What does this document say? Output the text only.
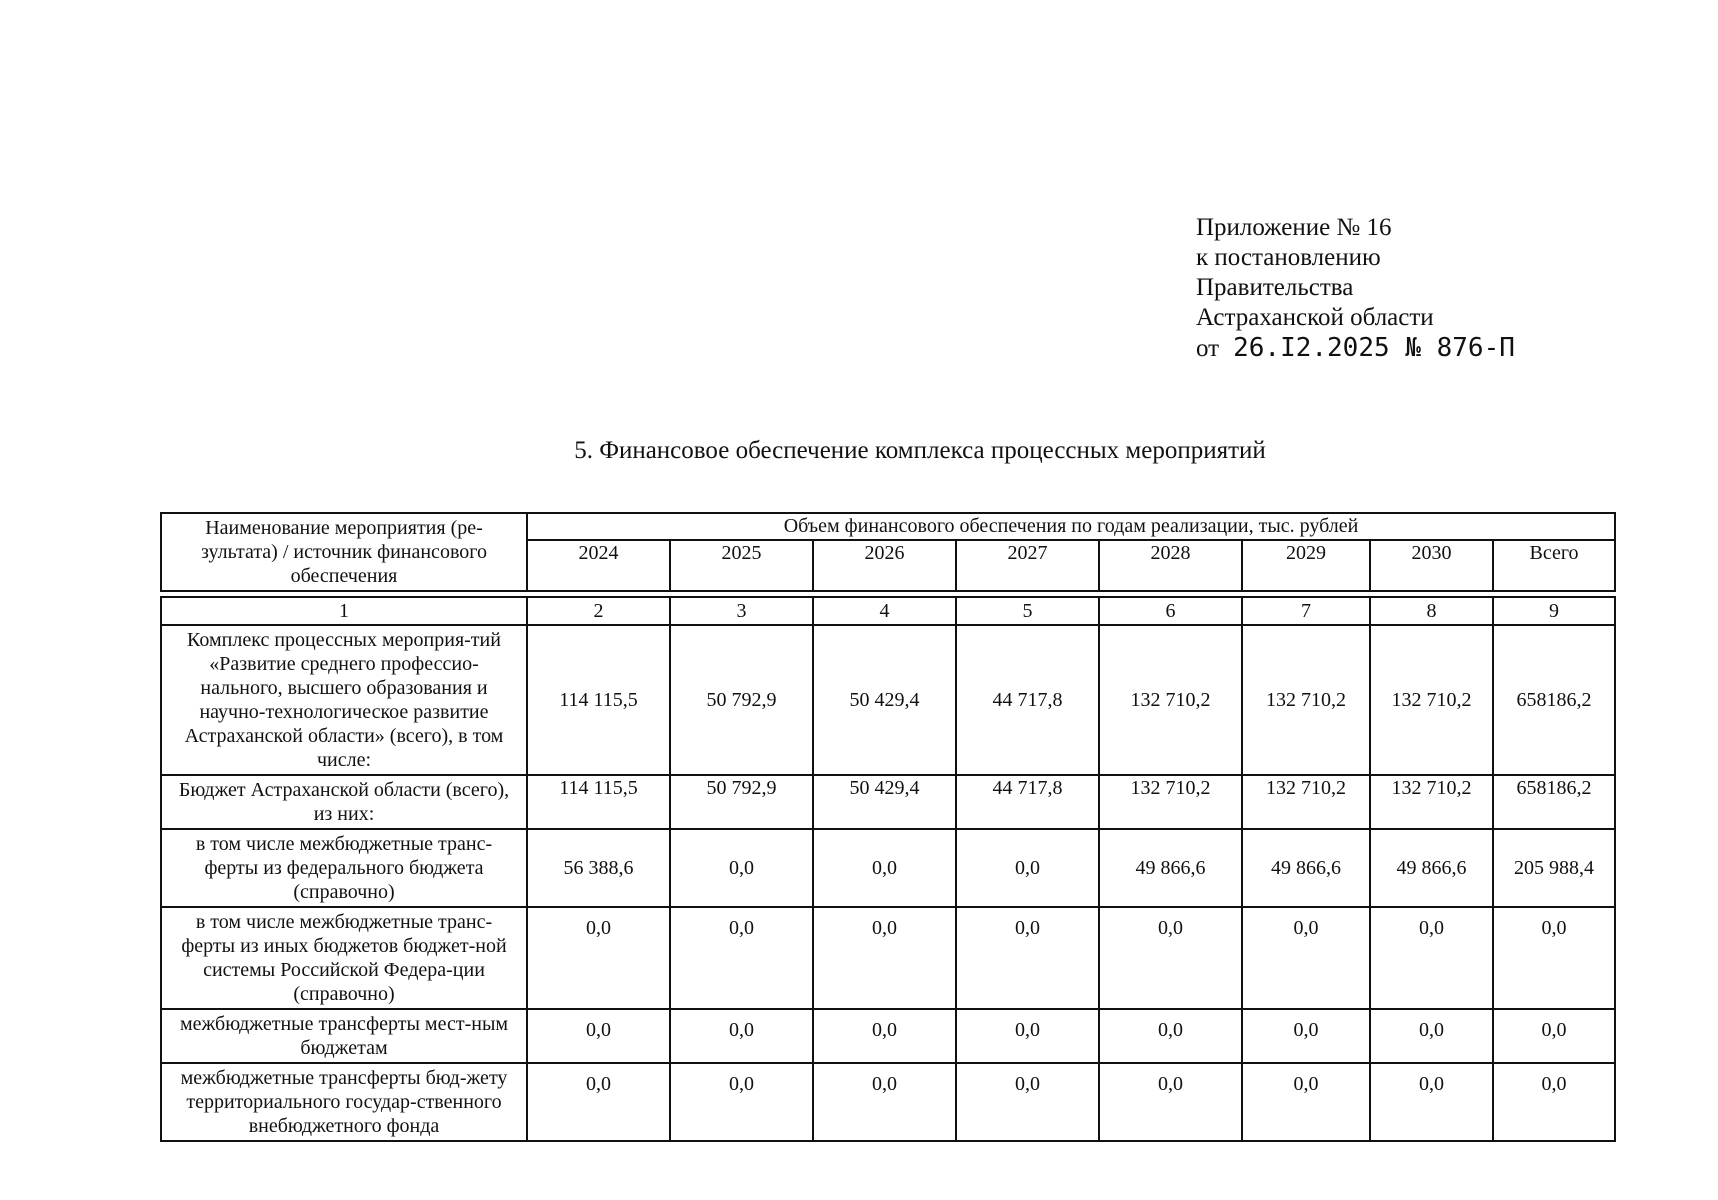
Приложение № 16
к постановлению
Правительства
Астраханской области
от 26.I2.2025 № 876-П
5. Финансовое обеспечение комплекса процессных мероприятий
Наименование мероприятия (ре-зультата) / источник финансового обеспечения	Объем финансового обеспечения по годам реализации, тыс. рублей							
	2024	2025	2026	2027	2028	2029	2030	Всего

1	2	3	4	5	6	7	8	9
Комплекс процессных мероприя-тий «Развитие среднего профессио-нального, высшего образования и научно-технологическое развитие Астраханской области» (всего), в том числе:	114 115,5	50 792,9	50 429,4	44 717,8	132 710,2	132 710,2	132 710,2	658186,2
Бюджет Астраханской области (всего), из них:	114 115,5	50 792,9	50 429,4	44 717,8	132 710,2	132 710,2	132 710,2	658186,2
в том числе межбюджетные транс-ферты из федерального бюджета (справочно)	56 388,6	0,0	0,0	0,0	49 866,6	49 866,6	49 866,6	205 988,4
в том числе межбюджетные транс-ферты из иных бюджетов бюджет-ной системы Российской Федера-ции (справочно)	0,0	0,0	0,0	0,0	0,0	0,0	0,0	0,0
межбюджетные трансферты мест-ным бюджетам	0,0	0,0	0,0	0,0	0,0	0,0	0,0	0,0
межбюджетные трансферты бюд-жету территориального государ-ственного внебюджетного фонда	0,0	0,0	0,0	0,0	0,0	0,0	0,0	0,0
